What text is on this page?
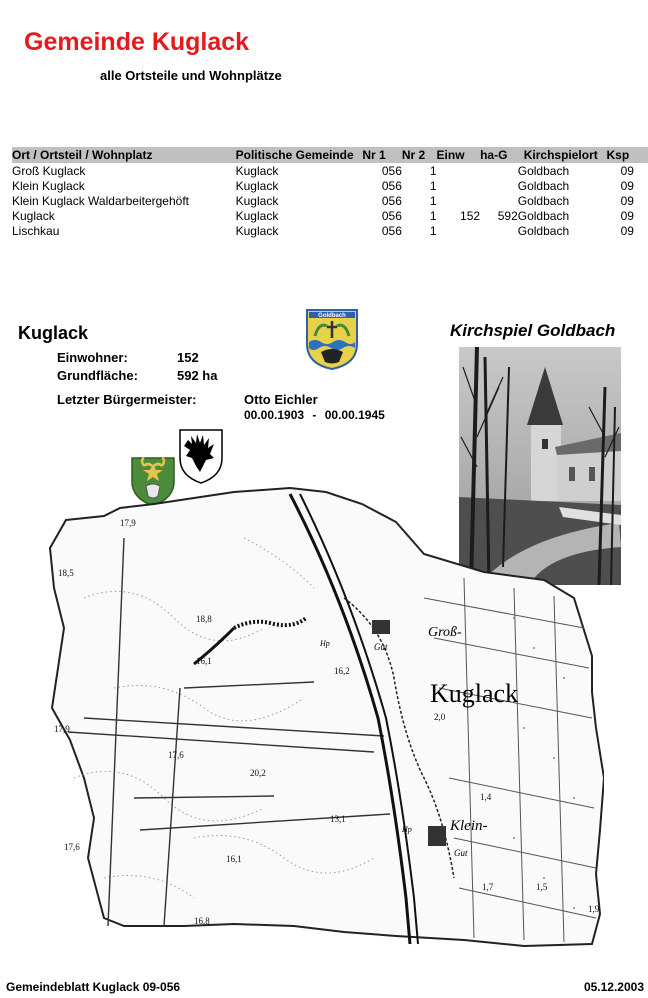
Gemeinde Kuglack
alle Ortsteile und Wohnplätze
Ort / Ortsteil / Wohnplatz	Politische Gemeinde	Nr 1	Nr 2	Einw	ha-G	Kirchspielort	Ksp
Groß Kuglack	Kuglack	056	1			Goldbach	09
Klein Kuglack	Kuglack	056	1			Goldbach	09
Klein Kuglack Waldarbeitergehöft	Kuglack	056	1			Goldbach	09
Kuglack	Kuglack	056	1	152	592	Goldbach	09
Lischkau	Kuglack	056	1			Goldbach	09
Kuglack
Einwohner:	152
Grundfläche:	592 ha
Letzter Bürgermeister:	Otto Eichler
00.00.1903 - 00.00.1945
Goldbach
Kirchspiel Goldbach
Groß-
Kuglack
Klein-
Gut
Gut
Hp
Hp
17,9
18,5
18,8
16,1
16,2
17,9
17,6
20,2
13,1
17,6
16,1
16,8
2,0
1,4
1,7	1,5
1,9
Gemeindeblatt Kuglack 09-056	05.12.2003
